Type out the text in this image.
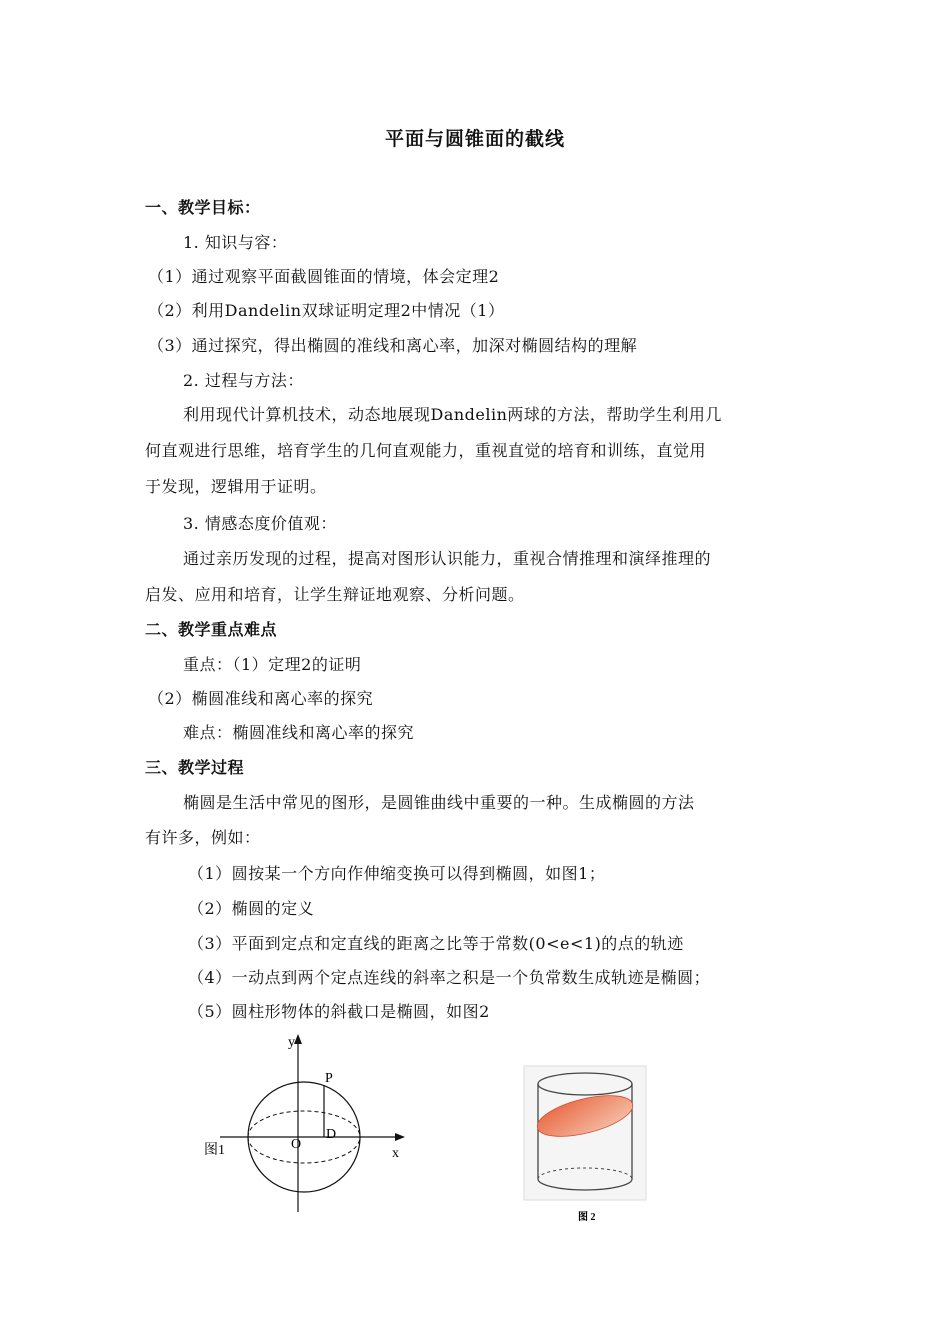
平面与圆锥面的截线
一、教学目标：
1. 知识与容：
（1）通过观察平面截圆锥面的情境，体会定理2
（2）利用Dandelin双球证明定理2中情况（1）
（3）通过探究，得出椭圆的准线和离心率，加深对椭圆结构的理解
2. 过程与方法：
利用现代计算机技术，动态地展现Dandelin两球的方法，帮助学生利用几
何直观进行思维，培育学生的几何直观能力，重视直觉的培育和训练，直觉用
于发现，逻辑用于证明。
3. 情感态度价值观：
通过亲历发现的过程，提高对图形认识能力，重视合情推理和演绎推理的
启发、应用和培育，让学生辩证地观察、分析问题。
二、教学重点难点
重点：（1）定理2的证明
（2）椭圆准线和离心率的探究
难点：椭圆准线和离心率的探究
三、教学过程
椭圆是生活中常见的图形，是圆锥曲线中重要的一种。生成椭圆的方法
有许多，例如：
（1）圆按某一个方向作伸缩变换可以得到椭圆，如图1；
（2）椭圆的定义
（3）平面到定点和定直线的距离之比等于常数(0<e<1)的点的轨迹
（4）一动点到两个定点连线的斜率之积是一个负常数生成轨迹是椭圆；
（5）圆柱形物体的斜截口是椭圆，如图2
y
P
O
D
x
图1
图 2
